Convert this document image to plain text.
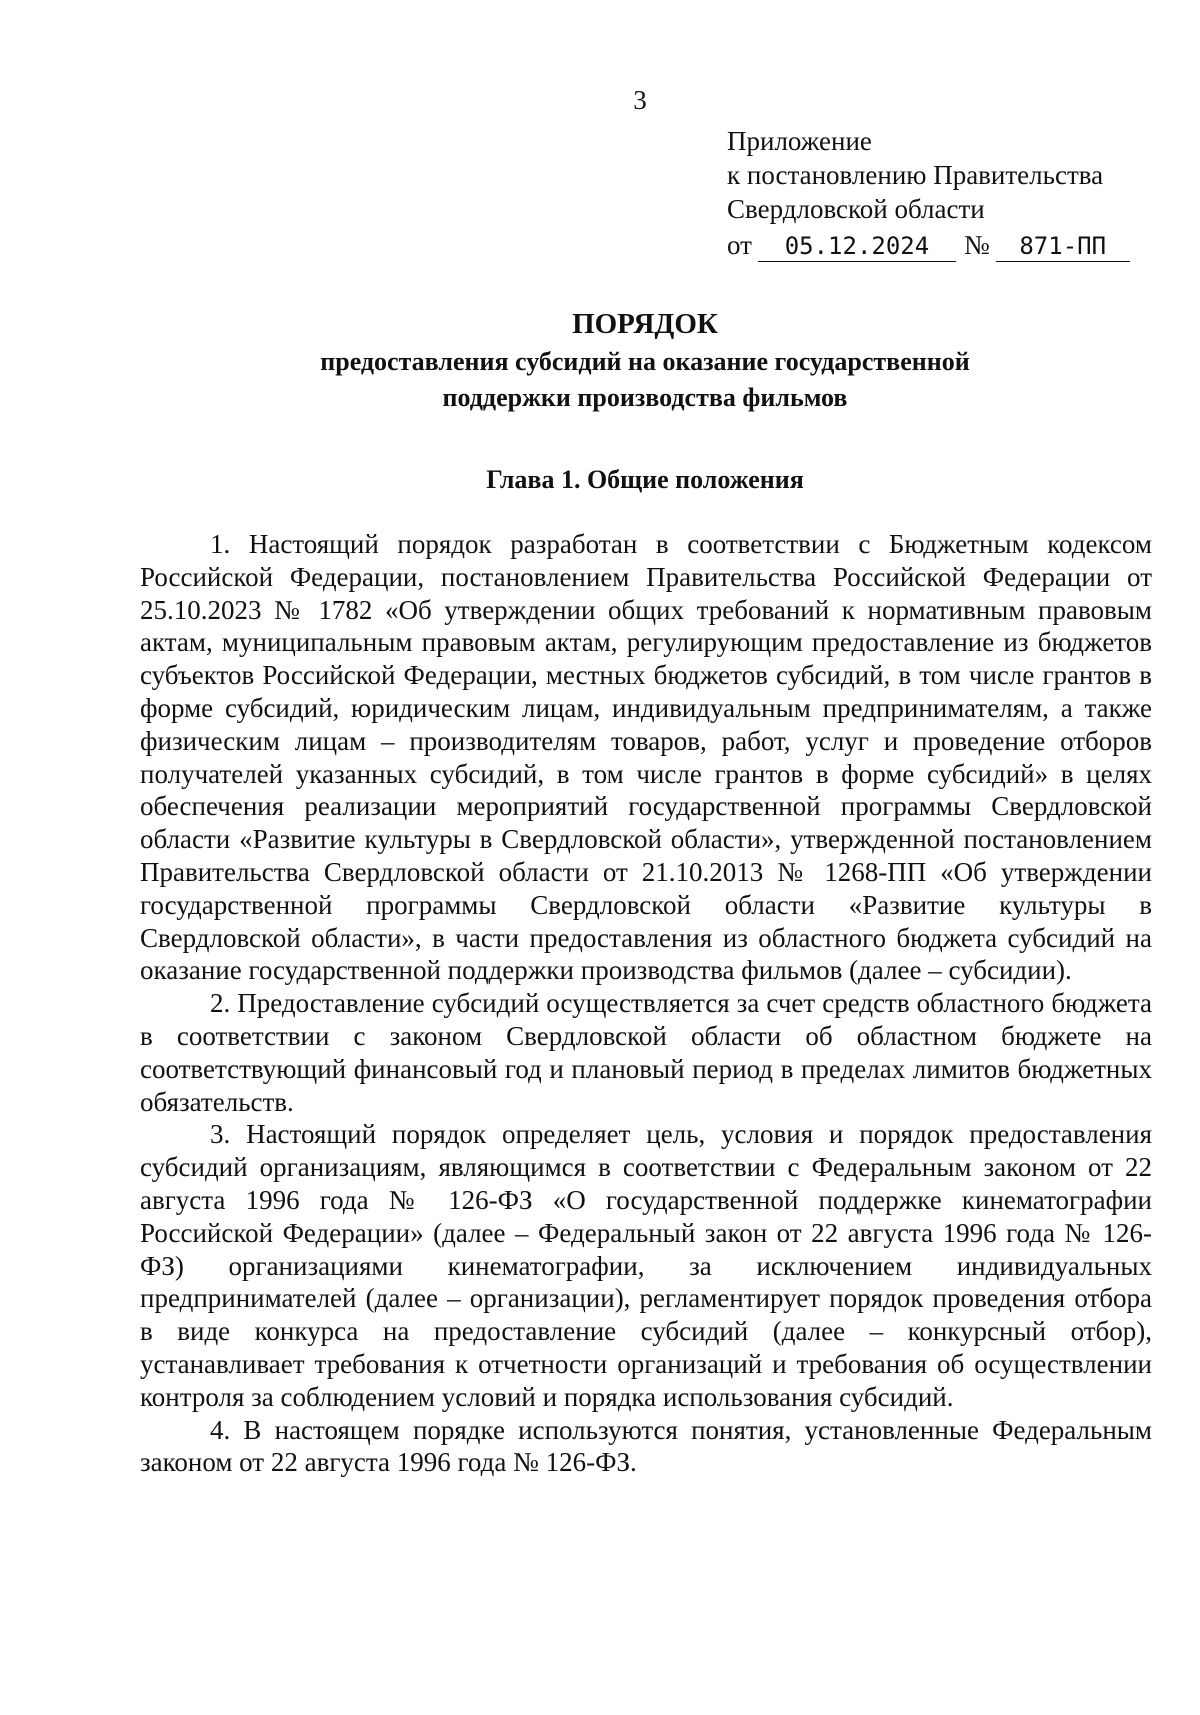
3
Приложение
к постановлению Правительства
Свердловской области
от	05.12.2024	№	871-ПП
ПОРЯДОК
предоставления субсидий на оказание государственной
поддержки производства фильмов
Глава 1. Общие положения

1. Настоящий порядок разработан в соответствии с Бюджетным кодексом Российской Федерации, постановлением Правительства Российской Федерации от 25.10.2023 № 1782 «Об утверждении общих требований к нормативным правовым актам, муниципальным правовым актам, регулирующим предоставление из бюджетов субъектов Российской Федерации, местных бюджетов субсидий, в том числе грантов в форме субсидий, юридическим лицам, индивидуальным предпринимателям, а также физическим лицам – производителям товаров, работ, услуг и проведение отборов получателей указанных субсидий, в том числе грантов в форме субсидий» в целях обеспечения реализации мероприятий государственной программы Свердловской области «Развитие культуры в Свердловской области», утвержденной постановлением Правительства Свердловской области от 21.10.2013 № 1268-ПП «Об утверждении государственной программы Свердловской области «Развитие культуры в Свердловской области», в части предоставления из областного бюджета субсидий на оказание государственной поддержки производства фильмов (далее – субсидии).

2. Предоставление субсидий осуществляется за счет средств областного бюджета в соответствии с законом Свердловской области об областном бюджете на соответствующий финансовый год и плановый период в пределах лимитов бюджетных обязательств.

3. Настоящий порядок определяет цель, условия и порядок предоставления субсидий организациям, являющимся в соответствии с Федеральным законом от 22 августа 1996 года № 126-ФЗ «О государственной поддержке кинематографии Российской Федерации» (далее – Федеральный закон от 22 августа 1996 года № 126-ФЗ) организациями кинематографии, за исключением индивидуальных предпринимателей (далее – организации), регламентирует порядок проведения отбора в виде конкурса на предоставление субсидий (далее – конкурсный отбор), устанавливает требования к отчетности организаций и требования об осуществлении контроля за соблюдением условий и порядка использования субсидий.

4. В настоящем порядке используются понятия, установленные Федеральным законом от 22 августа 1996 года № 126-ФЗ.
